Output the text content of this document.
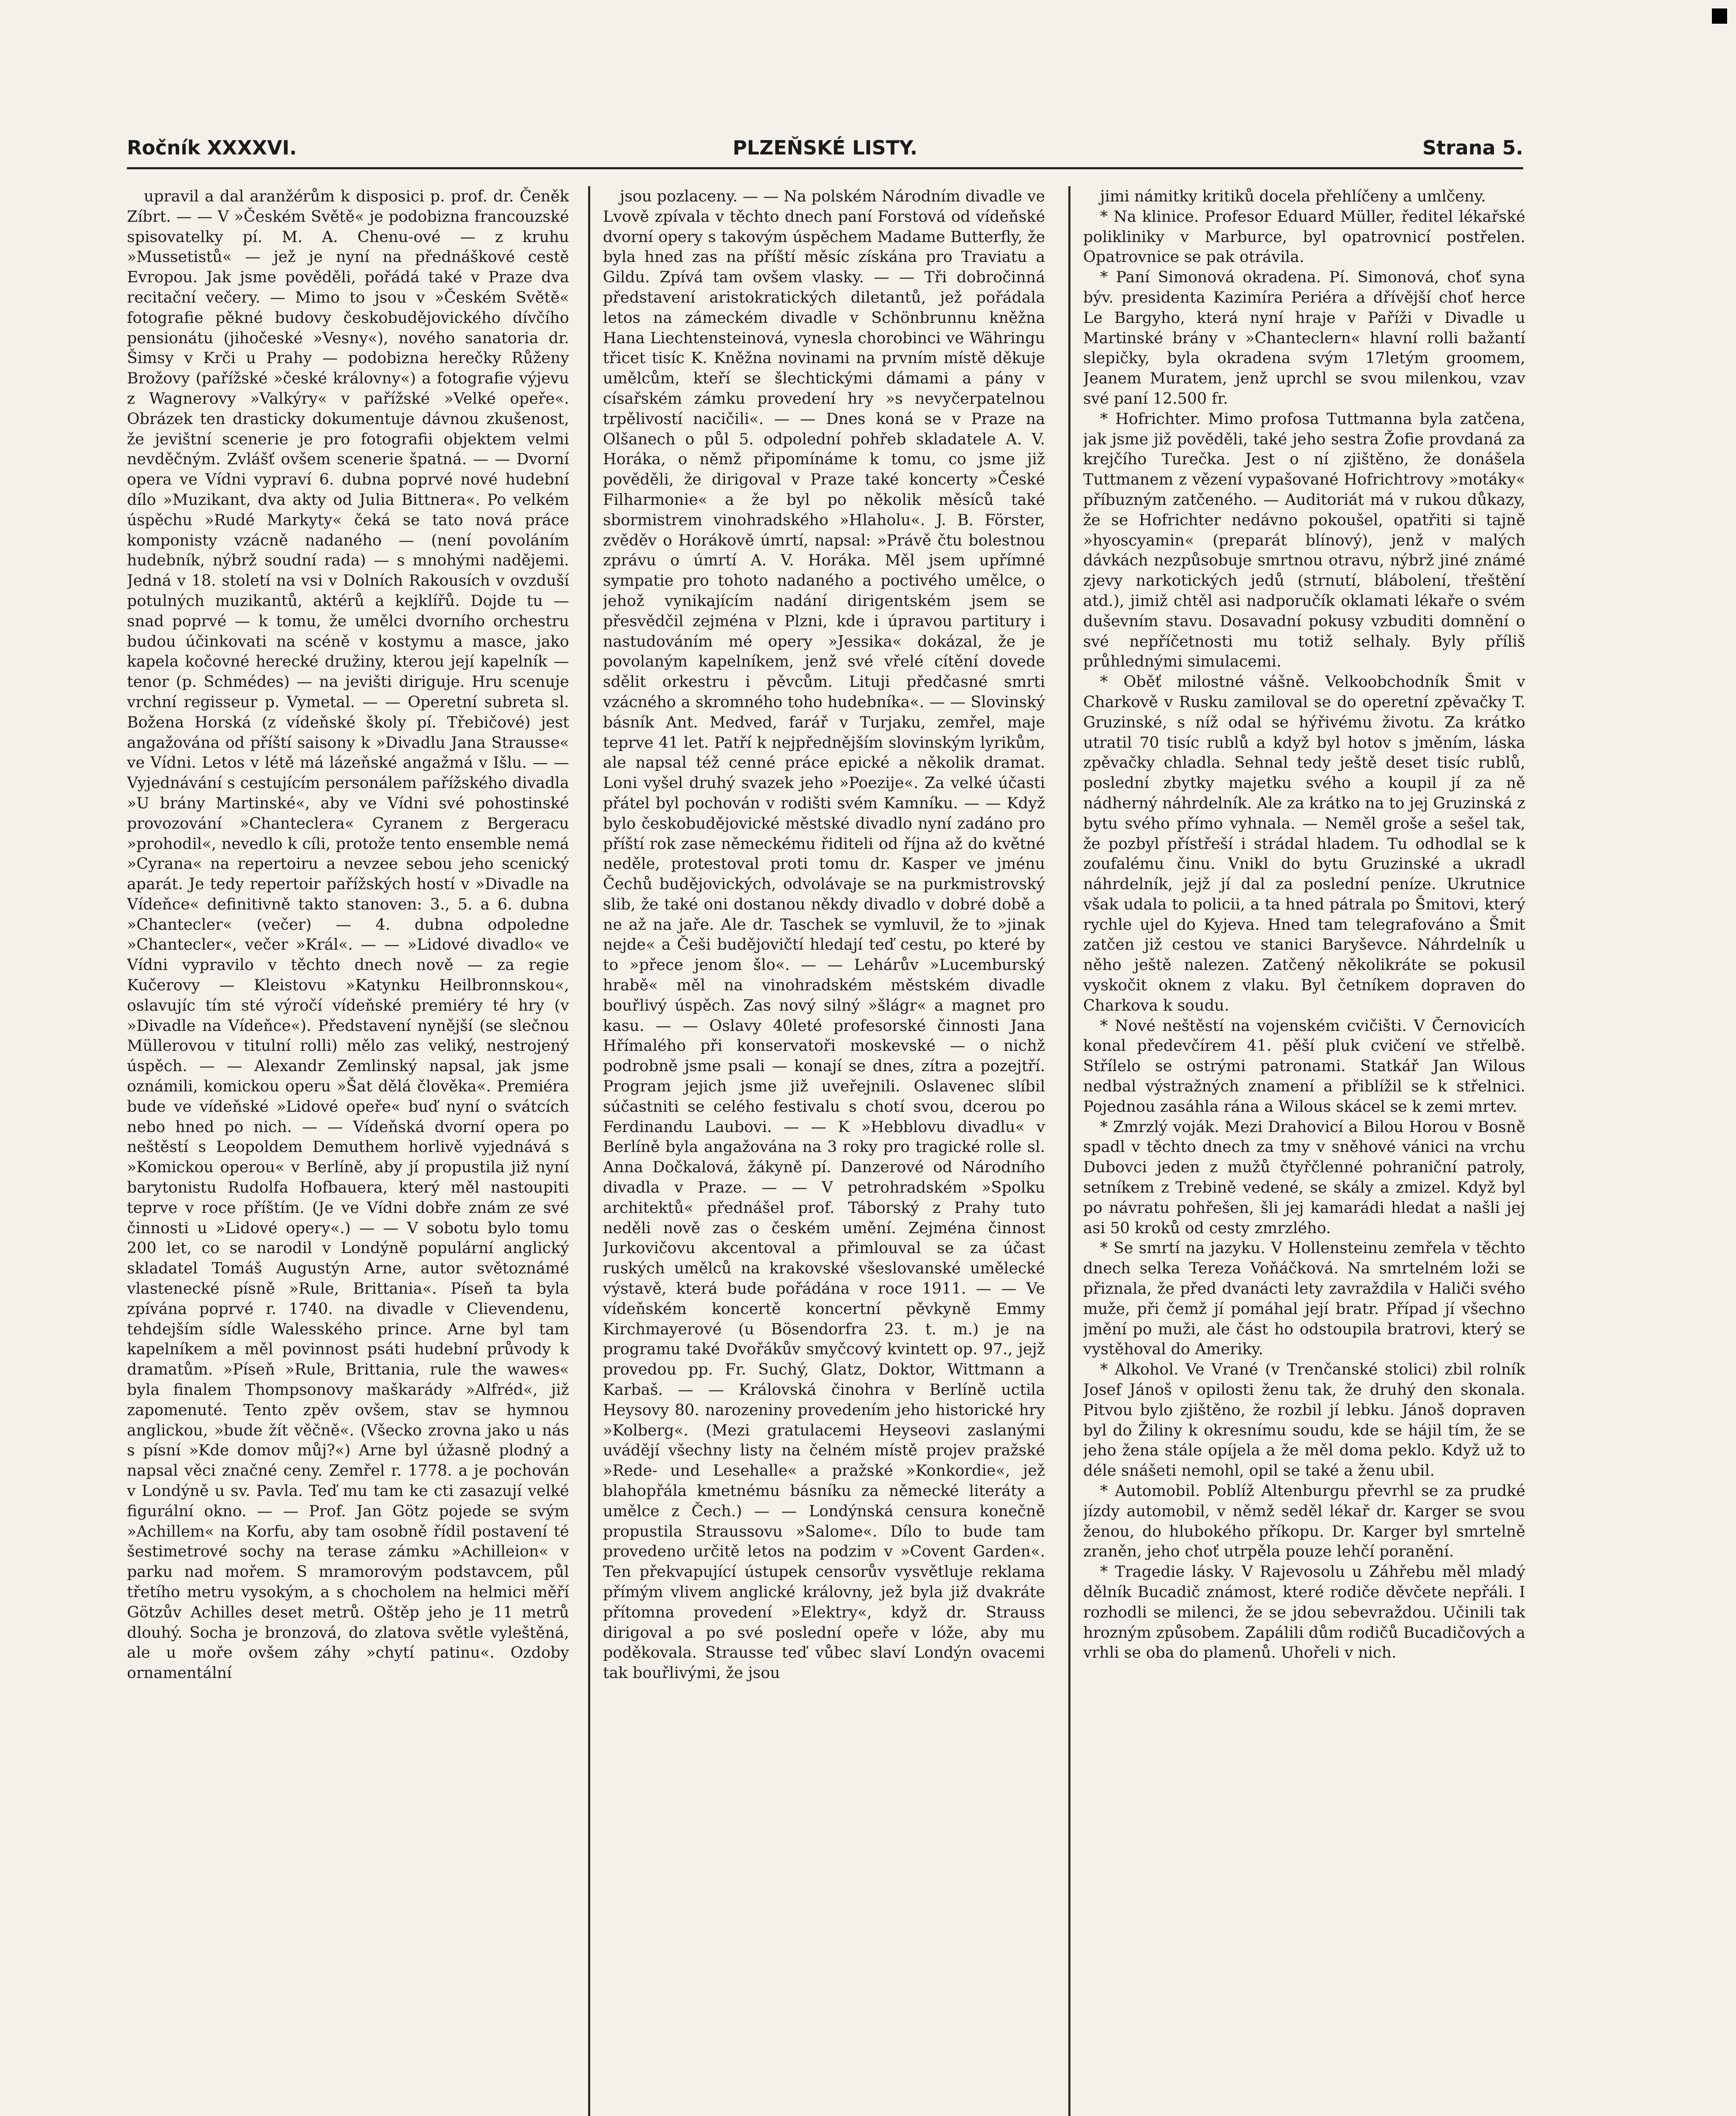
Ročník XXXXVI.	PLZEŇSKÉ LISTY.	Strana 5.

upravil a dal aranžérům k disposici p. prof. dr. Čeněk Zíbrt. — — V »Českém Světě« je podobizna francouzské spisovatelky pí. M. A. Chenu-ové — z kruhu »Mussetistů« — jež je nyní na přednáškové cestě Evropou. Jak jsme pověděli, pořádá také v Praze dva recitační večery. — Mimo to jsou v »Českém Světě« fotografie pěkné budovy českobudějovického dívčího pensionátu (jihočeské »Vesny«), nového sanatoria dr. Šimsy v Krči u Prahy — podobizna herečky Růženy Brožovy (pařížské »české královny«) a fotografie výjevu z Wagnerovy »Valkýry« v pařížské »Velké opeře«. Obrázek ten drasticky dokumentuje dávnou zkušenost, že jevištní scenerie je pro fotografii objektem velmi nevděčným. Zvlášť ovšem scenerie špatná. — — Dvorní opera ve Vídni vypraví 6. dubna poprvé nové hudební dílo »Muzikant, dva akty od Julia Bittnera«. Po velkém úspěchu »Rudé Markyty« čeká se tato nová práce komponisty vzácně nadaného — (není povoláním hudebník, nýbrž soudní rada) — s mnohými nadějemi. Jedná v 18. století na vsi v Dolních Rakousích v ovzduší potulných muzikantů, aktérů a kejklířů. Dojde tu — snad poprvé — k tomu, že umělci dvorního orchestru budou účinkovati na scéně v kostymu a masce, jako kapela kočovné herecké družiny, kterou její kapelník — tenor (p. Schmédes) — na jevišti diriguje. Hru scenuje vrchní regisseur p. Vymetal. — — Operetní subreta sl. Božena Horská (z vídeňské školy pí. Třebičové) jest angažována od příští saisony k »Divadlu Jana Strausse« ve Vídni. Letos v létě má lázeňské angažmá v Išlu. — — Vyjednávání s cestujícím personálem pařížského divadla »U brány Martinské«, aby ve Vídni své pohostinské provozování »Chanteclera« Cyranem z Bergeracu »prohodil«, nevedlo k cíli, protože tento ensemble nemá »Cyrana« na repertoiru a nevzee sebou jeho scenický aparát. Je tedy repertoir pařížských hostí v »Divadle na Vídeňce« definitivně takto stanoven: 3., 5. a 6. dubna »Chantecler« (večer) — 4. dubna odpoledne »Chantecler«, večer »Král«. — — »Lidové divadlo« ve Vídni vypravilo v těchto dnech nově — za regie Kučerovy — Kleistovu »Katynku Heilbronnskou«, oslavujíc tím sté výročí vídeňské premiéry té hry (v »Divadle na Vídeňce«). Představení nynější (se slečnou Müllerovou v titulní rolli) mělo zas veliký, nestrojený úspěch. — — Alexandr Zemlinský napsal, jak jsme oznámili, komickou operu »Šat dělá člověka«. Premiéra bude ve vídeňské »Lidové opeře« buď nyní o svátcích nebo hned po nich. — — Vídeňská dvorní opera po neštěstí s Leopoldem Demuthem horlivě vyjednává s »Komickou operou« v Berlíně, aby jí propustila již nyní barytonistu Rudolfa Hofbauera, který měl nastoupiti teprve v roce příštím. (Je ve Vídni dobře znám ze své činnosti u »Lidové opery«.) — — V sobotu bylo tomu 200 let, co se narodil v Londýně populární anglický skladatel Tomáš Augustýn Arne, autor světoznámé vlastenecké písně »Rule, Brittania«. Píseň ta byla zpívána poprvé r. 1740. na divadle v Clievendenu, tehdejším sídle Walesského prince. Arne byl tam kapelníkem a měl povinnost psáti hudební průvody k dramatům. »Píseň »Rule, Brittania, rule the wawes« byla finalem Thompsonovy maškarády »Alfréd«, již zapomenuté. Tento zpěv ovšem, stav se hymnou anglickou, »bude žít věčně«. (Všecko zrovna jako u nás s písní »Kde domov můj?«) Arne byl úžasně plodný a napsal věci značné ceny. Zemřel r. 1778. a je pochován v Londýně u sv. Pavla. Teď mu tam ke cti zasazují velké figurální okno. — — Prof. Jan Götz pojede se svým »Achillem« na Korfu, aby tam osobně řídil postavení té šestimetrové sochy na terase zámku »Achilleion« v parku nad mořem. S mramorovým podstavcem, půl třetího metru vysokým, a s chocholem na helmici měří Götzův Achilles deset metrů. Oštěp jeho je 11 metrů dlouhý. Socha je bronzová, do zlatova světle vyleštěná, ale u moře ovšem záhy »chytí patinu«. Ozdoby ornamentální

jsou pozlaceny. — — Na polském Národním divadle ve Lvově zpívala v těchto dnech paní Forstová od vídeňské dvorní opery s takovým úspěchem Madame Butterfly, že byla hned zas na příští měsíc získána pro Traviatu a Gildu. Zpívá tam ovšem vlasky. — — Tři dobročinná představení aristokratických diletantů, jež pořádala letos na zámeckém divadle v Schönbrunnu kněžna Hana Liechtensteinová, vynesla chorobinci ve Währingu třicet tisíc K. Kněžna novinami na prvním místě děkuje umělcům, kteří se šlechtickými dámami a pány v císařském zámku provedení hry »s nevyčerpatelnou trpělivostí nacičili«. — — Dnes koná se v Praze na Olšanech o půl 5. odpolední pohřeb skladatele A. V. Horáka, o němž připomínáme k tomu, co jsme již pověděli, že dirigoval v Praze také koncerty »České Filharmonie« a že byl po několik měsíců také sbormistrem vinohradského »Hlaholu«. J. B. Förster, zvěděv o Horákově úmrtí, napsal: »Právě čtu bolestnou zprávu o úmrtí A. V. Horáka. Měl jsem upřímné sympatie pro tohoto nadaného a poctivého umělce, o jehož vynikajícím nadání dirigentském jsem se přesvědčil zejména v Plzni, kde i úpravou partitury i nastudováním mé opery »Jessika« dokázal, že je povolaným kapelníkem, jenž své vřelé cítění dovede sdělit orkestru i pěvcům. Lituji předčasné smrti vzácného a skromného toho hudebníka«. — — Slovinský básník Ant. Medved, farář v Turjaku, zemřel, maje teprve 41 let. Patří k nejpřednějším slovinským lyrikům, ale napsal též cenné práce epické a několik dramat. Loni vyšel druhý svazek jeho »Poezije«. Za velké účasti přátel byl pochován v rodišti svém Kamníku. — — Když bylo českobudějovické městské divadlo nyní zadáno pro příští rok zase německému řiditeli od října až do květné neděle, protestoval proti tomu dr. Kasper ve jménu Čechů budějovických, odvolávaje se na purkmistrovský slib, že také oni dostanou někdy divadlo v dobré době a ne až na jaře. Ale dr. Taschek se vymluvil, že to »jinak nejde« a Češi budějovičtí hledají teď cestu, po které by to »přece jenom šlo«. — — Lehárův »Lucemburský hrabě« měl na vinohradském městském divadle bouřlivý úspěch. Zas nový silný »šlágr« a magnet pro kasu. — — Oslavy 40leté profesorské činnosti Jana Hřímalého při konservatoři moskevské — o nichž podrobně jsme psali — konají se dnes, zítra a pozejtří. Program jejich jsme již uveřejnili. Oslavenec slíbil súčastniti se celého festivalu s chotí svou, dcerou po Ferdinandu Laubovi. — — K »Hebblovu divadlu« v Berlíně byla angažována na 3 roky pro tragické rolle sl. Anna Dočkalová, žákyně pí. Danzerové od Národního divadla v Praze. — — V petrohradském »Spolku architektů« přednášel prof. Táborský z Prahy tuto neděli nově zas o českém umění. Zejména činnost Jurkovičovu akcentoval a přimlouval se za účast ruských umělců na krakovské všeslovanské umělecké výstavě, která bude pořádána v roce 1911. — — Ve vídeňském koncertě koncertní pěvkyně Emmy Kirchmayerové (u Bösendorfra 23. t. m.) je na programu také Dvořákův smyčcový kvintett op. 97., jejž provedou pp. Fr. Suchý, Glatz, Doktor, Wittmann a Karbaš. — — Královská činohra v Berlíně uctila Heysovy 80. narozeniny provedením jeho historické hry »Kolberg«. (Mezi gratulacemi Heyseovi zaslanými uvádějí všechny listy na čelném místě projev pražské »Rede- und Lesehalle« a pražské »Konkordie«, jež blahopřála kmetnému básníku za německé literáty a umělce z Čech.) — — Londýnská censura konečně propustila Straussovu »Salome«. Dílo to bude tam provedeno určitě letos na podzim v »Covent Garden«. Ten překvapující ústupek censorův vysvětluje reklama přímým vlivem anglické královny, jež byla již dvakráte přítomna provedení »Elektry«, když dr. Strauss dirigoval a po své poslední opeře v lóže, aby mu poděkovala. Strausse teď vůbec slaví Londýn ovacemi tak bouřlivými, že jsou

jimi námitky kritiků docela přehlíčeny a umlčeny.

* Na klinice. Profesor Eduard Müller, ředitel lékařské polikliniky v Marburce, byl opatrovnicí postřelen. Opatrovnice se pak otrávila.

* Paní Simonová okradena. Pí. Simonová, choť syna býv. presidenta Kazimíra Periéra a dřívější choť herce Le Bargyho, která nyní hraje v Paříži v Divadle u Martinské brány v »Chanteclern« hlavní rolli bažantí slepičky, byla okradena svým 17letým groomem, Jeanem Muratem, jenž uprchl se svou milenkou, vzav své paní 12.500 fr.

* Hofrichter. Mimo profosa Tuttmanna byla zatčena, jak jsme již pověděli, také jeho sestra Žofie provdaná za krejčího Turečka. Jest o ní zjištěno, že donášela Tuttmanem z vězení vypašované Hofrichtrovy »motáky« příbuzným zatčeného. — Auditoriát má v rukou důkazy, že se Hofrichter nedávno pokoušel, opatřiti si tajně »hyoscyamin« (preparát blínový), jenž v malých dávkách nezpůsobuje smrtnou otravu, nýbrž jiné známé zjevy narkotických jedů (strnutí, blábolení, třeštění atd.), jimiž chtěl asi nadporučík oklamati lékaře o svém duševním stavu. Dosavadní pokusy vzbuditi domnění o své nepříčetnosti mu totiž selhaly. Byly příliš průhlednými simulacemi.

* Oběť milostné vášně. Velkoobchodník Šmit v Charkově v Rusku zamiloval se do operetní zpěvačky T. Gruzinské, s níž odal se hýřivému životu. Za krátko utratil 70 tisíc rublů a když byl hotov s jměním, láska zpěvačky chladla. Sehnal tedy ještě deset tisíc rublů, poslední zbytky majetku svého a koupil jí za ně nádherný náhrdelník. Ale za krátko na to jej Gruzinská z bytu svého přímo vyhnala. — Neměl groše a sešel tak, že pozbyl přístřeší i strádal hladem. Tu odhodlal se k zoufalému činu. Vnikl do bytu Gruzinské a ukradl náhrdelník, jejž jí dal za poslední peníze. Ukrutnice však udala to policii, a ta hned pátrala po Šmitovi, který rychle ujel do Kyjeva. Hned tam telegrafováno a Šmit zatčen již cestou ve stanici Baryševce. Náhrdelník u něho ještě nalezen. Zatčený několikráte se pokusil vyskočit oknem z vlaku. Byl četníkem dopraven do Charkova k soudu.

* Nové neštěstí na vojenském cvičišti. V Černovicích konal předevčírem 41. pěší pluk cvičení ve střelbě. Střílelo se ostrými patronami. Statkář Jan Wilous nedbal výstražných znamení a přiblížil se k střelnici. Pojednou zasáhla rána a Wilous skácel se k zemi mrtev.

* Zmrzlý voják. Mezi Drahovicí a Bilou Horou v Bosně spadl v těchto dnech za tmy v sněhové vánici na vrchu Dubovci jeden z mužů čtyřčlenné pohraniční patroly, setníkem z Trebině vedené, se skály a zmizel. Když byl po návratu pohřešen, šli jej kamarádi hledat a našli jej asi 50 kroků od cesty zmrzlého.

* Se smrtí na jazyku. V Hollensteinu zemřela v těchto dnech selka Tereza Voňáčková. Na smrtelném loži se přiznala, že před dvanácti lety zavraždila v Haliči svého muže, při čemž jí pomáhal její bratr. Případ jí všechno jmění po muži, ale část ho odstoupila bratrovi, který se vystěhoval do Ameriky.

* Alkohol. Ve Vrané (v Trenčanské stolici) zbil rolník Josef Jánoš v opilosti ženu tak, že druhý den skonala. Pitvou bylo zjištěno, že rozbil jí lebku. Jánoš dopraven byl do Žiliny k okresnímu soudu, kde se hájil tím, že se jeho žena stále opíjela a že měl doma peklo. Když už to déle snášeti nemohl, opil se také a ženu ubil.

* Automobil. Poblíž Altenburgu převrhl se za prudké jízdy automobil, v němž seděl lékař dr. Karger se svou ženou, do hlubokého příkopu. Dr. Karger byl smrtelně zraněn, jeho choť utrpěla pouze lehčí poranění.

* Tragedie lásky. V Rajevosolu u Záhřebu měl mladý dělník Bucadič známost, které rodiče děvčete nepřáli. I rozhodli se milenci, že se jdou sebevraždou. Učinili tak hrozným způsobem. Zapálili dům rodičů Bucadičových a vrhli se oba do plamenů. Uhořeli v nich.
